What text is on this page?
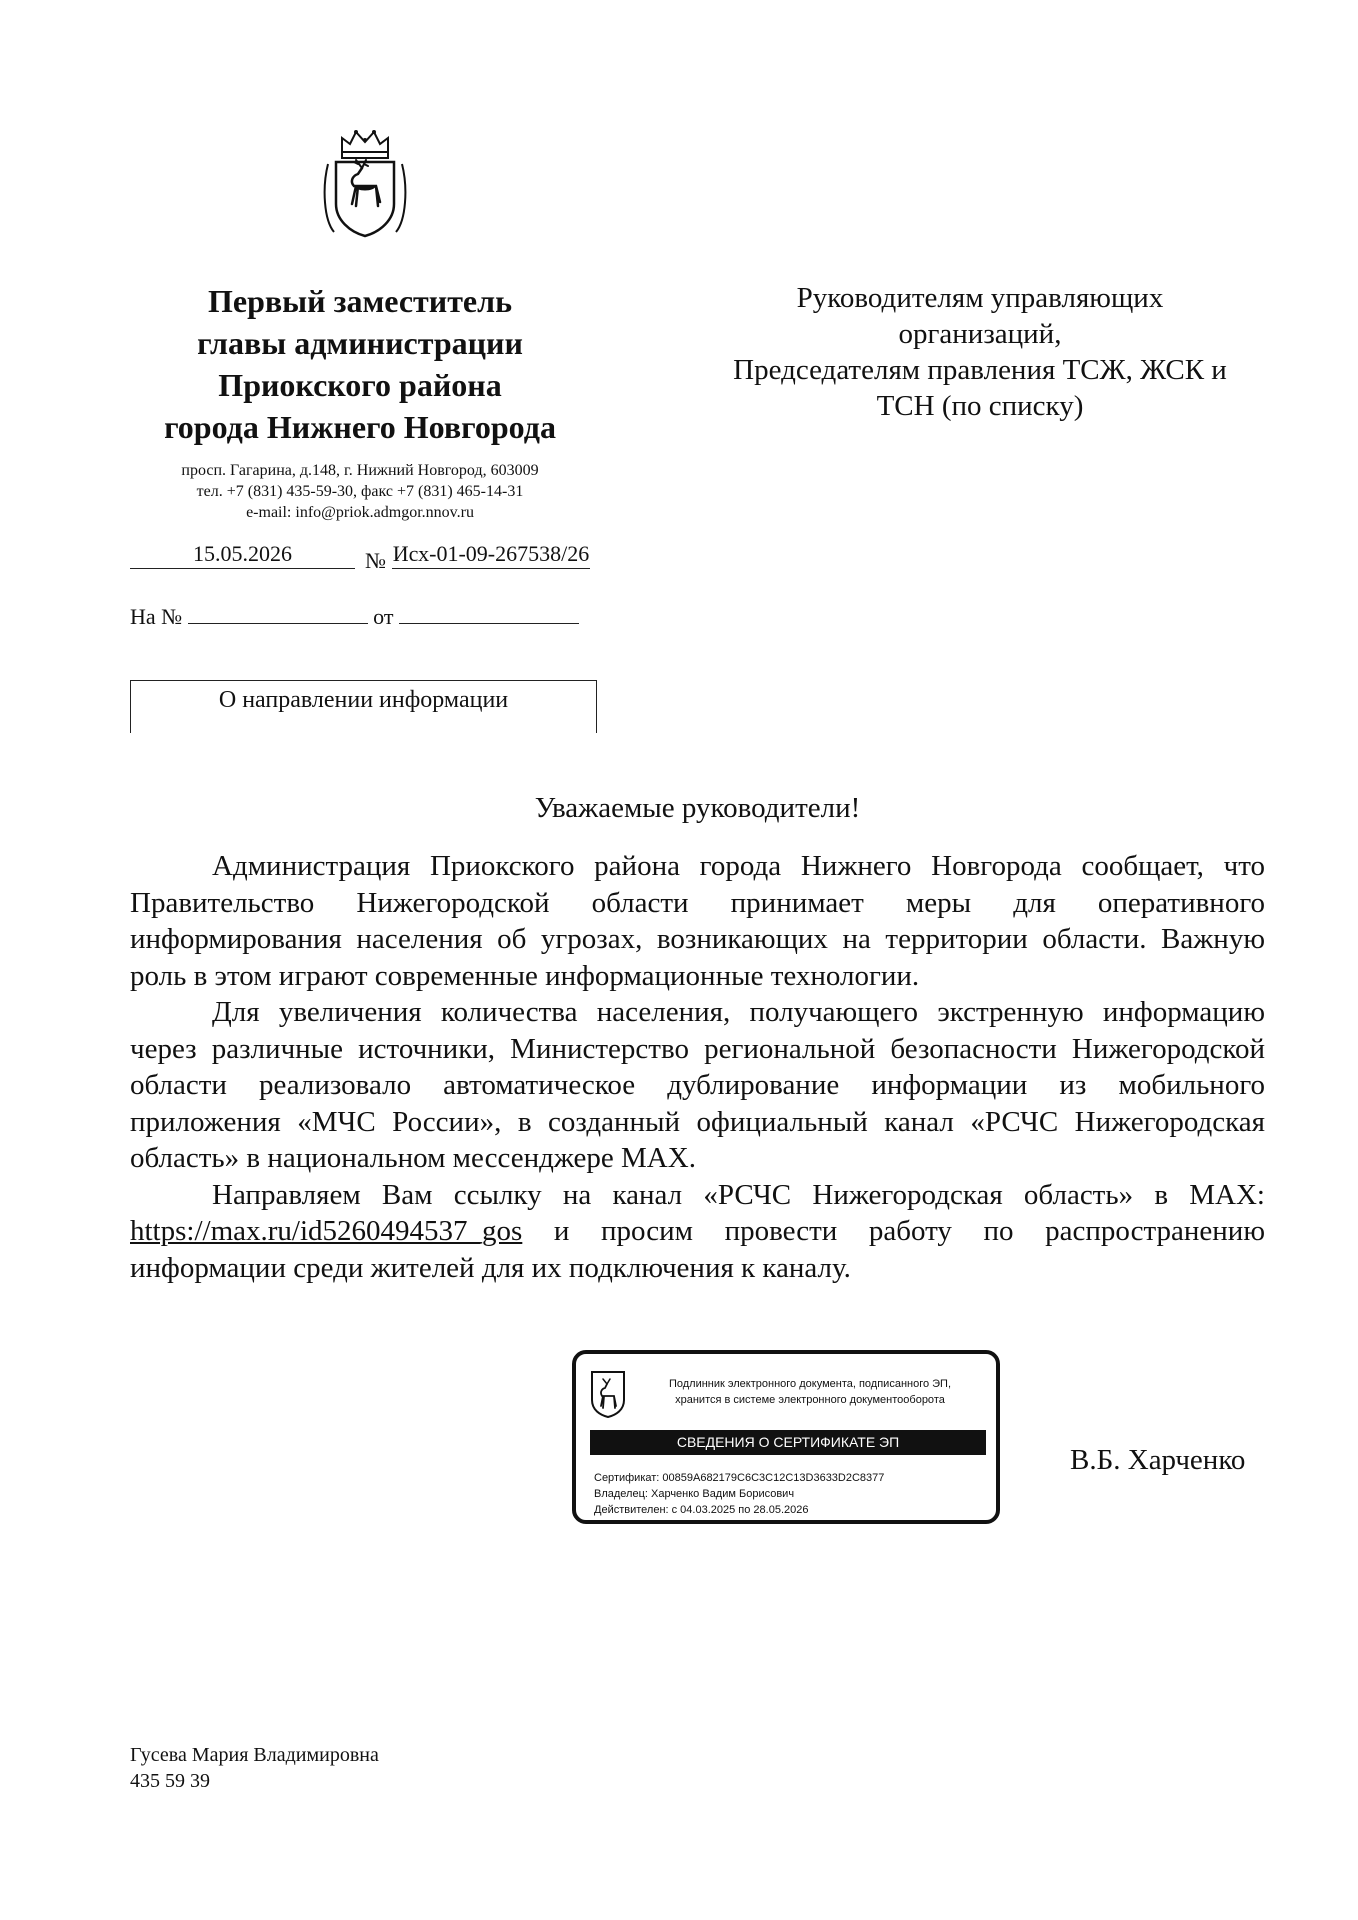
Первый заместитель
главы администрации
Приокского района
города Нижнего Новгорода
просп. Гагарина, д.148, г. Нижний Новгород, 603009
тел. +7 (831) 435-59-30, факс +7 (831) 465-14-31
e-mail: info@priok.admgor.nnov.ru
Руководителям управляющих
организаций,
Председателям правления ТСЖ, ЖСК и
ТСН (по списку)
15.05.2026	№ Исх-01-09-267538/26
На №	от
О направлении информации
Уважаемые руководители!

Администрация Приокского района города Нижнего Новгорода сообщает, что Правительство Нижегородской области принимает меры для оперативного информирования населения об угрозах, возникающих на территории области. Важную роль в этом играют современные информационные технологии.

Для увеличения количества населения, получающего экстренную информацию через различные источники, Министерство региональной безопасности Нижегородской области реализовало автоматическое дублирование информации из мобильного приложения «МЧС России», в созданный официальный канал «РСЧС Нижегородская область» в национальном мессенджере MAX.

Направляем Вам ссылку на канал «РСЧС Нижегородская область» в MAX: https://max.ru/id5260494537_gos и просим провести работу по распространению информации среди жителей для их подключения к каналу.

Подлинник электронного документа, подписанного ЭП,
хранится в системе электронного документооборота
СВЕДЕНИЯ О СЕРТИФИКАТЕ ЭП
Сертификат: 00859A682179C6C3C12C13D3633D2C8377
Владелец: Харченко Вадим Борисович
Действителен: с 04.03.2025 по 28.05.2026
В.Б. Харченко
Гусева Мария Владимировна
435 59 39
